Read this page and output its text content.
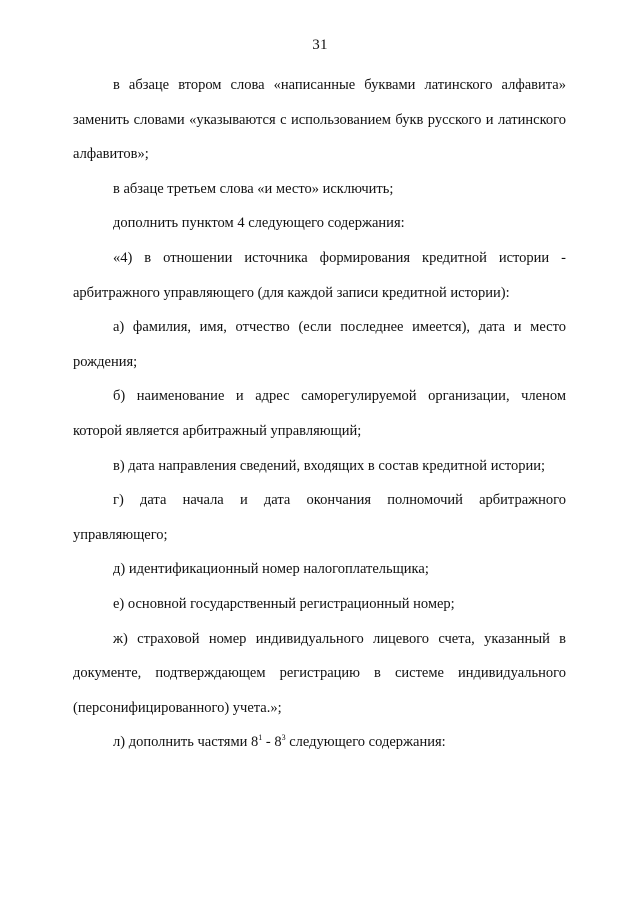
31

в абзаце втором слова «написанные буквами латинского алфавита» заменить словами «указываются с использованием букв русского и латинского алфавитов»;

в абзаце третьем слова «и место» исключить;

дополнить пунктом 4 следующего содержания:

«4) в отношении источника формирования кредитной истории - арбитражного управляющего (для каждой записи кредитной истории):

а) фамилия, имя, отчество (если последнее имеется), дата и место рождения;

б) наименование и адрес саморегулируемой организации, членом которой является арбитражный управляющий;

в) дата направления сведений, входящих в состав кредитной истории;

г) дата начала и дата окончания полномочий арбитражного управляющего;

д) идентификационный номер налогоплательщика;

е) основной государственный регистрационный номер;

ж) страховой номер индивидуального лицевого счета, указанный в документе, подтверждающем регистрацию в системе индивидуального (персонифицированного) учета.»;

л) дополнить частями $8^1 - 8^3$ следующего содержания:
